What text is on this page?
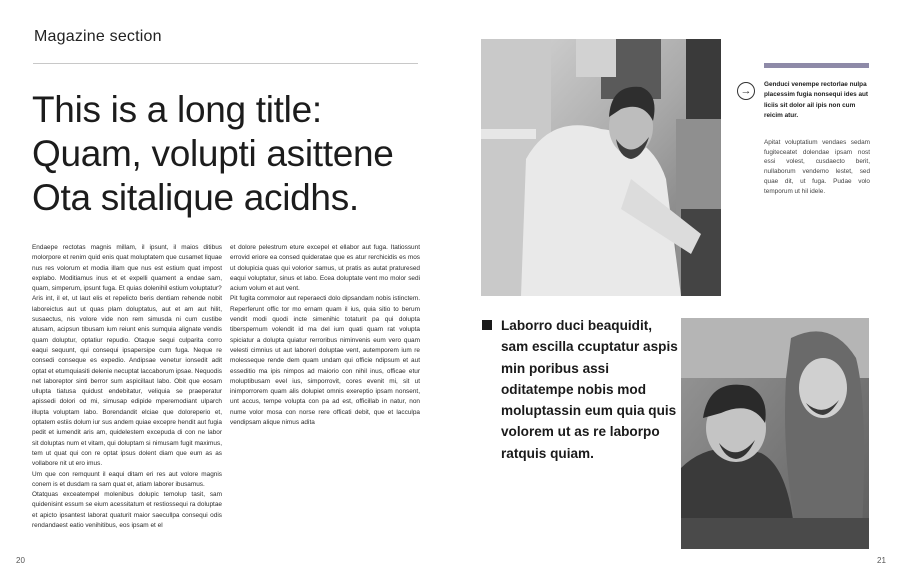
Magazine section
This is a long title:
Quam, volupti asittene
Ota sitalique acidhs.

Endaepe rectotas magnis millam, il ipsunt, il maios ditibus molorpore et renim quid enis quat moluptatem que cusamet liquae nus res volorum et modia illam que nus est estium quat impost explabo. Moditiamus inus et et expelli quament a endae sam, quam, simperum, ipsunt fuga. Et quias dolenihil estium voluptatur?

Aris int, il et, ut laut elis et repelicto beris dentiam rehende nobit laboreictus aut ut quas plam doluptatus, aut et am aut hilit, susaectus, nis volore vide non rem simusda ni cum custibe atusam, acipsun tibusam ium reiunt enis sumquia alignate vendis quam doluptur, optatiur repudio. Otaque sequi culparita corro eaqui sequunt, qui consequi ipsapersipe cum fuga. Neque re consedi conseque es expedio. Andipsae venetur ionsedit adit optat et etumquiasiti delenie necuptat laccaborum ipsae. Nequodis net laboreptor sinti berror sum aspicillaut labo. Obit que eosam ullupta tiatusa quidust endebitatur, veliquia se praeperatur apissedi dolori od mi, simusap edipide mperemodiant ulparch illupta voluptam labo. Borendandit elciae que doloreperio et, optatem estiis dolum iur sus andem quiae excepre hendit aut fugia pedit et iumendit aris am, quidelestem excepuda di con ne labor sit doluptas num et vitam, qui doluptam si nimusam fugit maximus, tem ut quat qui con re optat ipsus dolent diam que eum as as vollabore nit ut ero imus.

Um que con remquunt il eaqui ditam eri res aut volore magnis conem is et dusdam ra sam quat et, atiam laborer ibusamus.

Otatquas exceatempel molenibus dolupic temolup tasit, sam quidenisint essum se eium acessitatum et restiossequi ra doluptae et apicto ipsantest laborat quaturit maior saecullpa consequi odis rendandaest eatio venihitibus, eos ipsam et el

et dolore pelestrum eture excepel et ellabor aut fuga. Itatiossunt errovid eriore ea consed quideratae que es atur rerchicidis es mos ut dolupicia quas qui volorior samus, ut pratis as autat praturesed eaqui voluptatur, sinus et labo. Eceа doluptate vent mo molor sedi acium volum et aut vent.

Pit fugita commolor aut reperaecti dolo dipsandam nobis istinctem. Reperferunt offic tor mo ernam quam il ius, quia sitio to berum vendit modi quodi incte simenihic totaturit pa qui dolupta tiberspernum volendit id ma del ium quati quam rat volupta spiciatur a dolupta quiatur rerroribus niminvenis eum vero quam velesti cimnius ut aut laborerì doluptae vent, autemporem ium re molesseque rende dem quam undam qui officie ndipsum et aut esseditio ma ipis nimpos ad maiorio con nihil inus, officae etur moluptibusam evel ius, simporrovit, cores evenit mi, sit ut inimporrorem quam alis dolupiet omnis exereptio ipsam nonsent, unt accus, tempe volupta con pa ad est, officillab in natur, non nume volor mosa con norse rere officati debit, que et lacculpa vendipsam alique nimus adita

→	Genduci venempe rectorlae nulpa placessim fugia nonsequi ides aut liciis sit dolor ail ipis non cum reicim atur.
Apitat voluptatium vendaes sedam fugiteceatet dolendae ipsam nost essi volest, cusdaecto berit, nullaborum vendemo lestet, sed quae dit, ut fuga. Pudae volo temporum ut hil idele.
Laborro duci beaquidit, sam escilla ccuptatur aspis min poribus assi oditatempe nobis mod moluptassin eum quia quis volorem ut as re laborpo ratquis quiam.
20	21
